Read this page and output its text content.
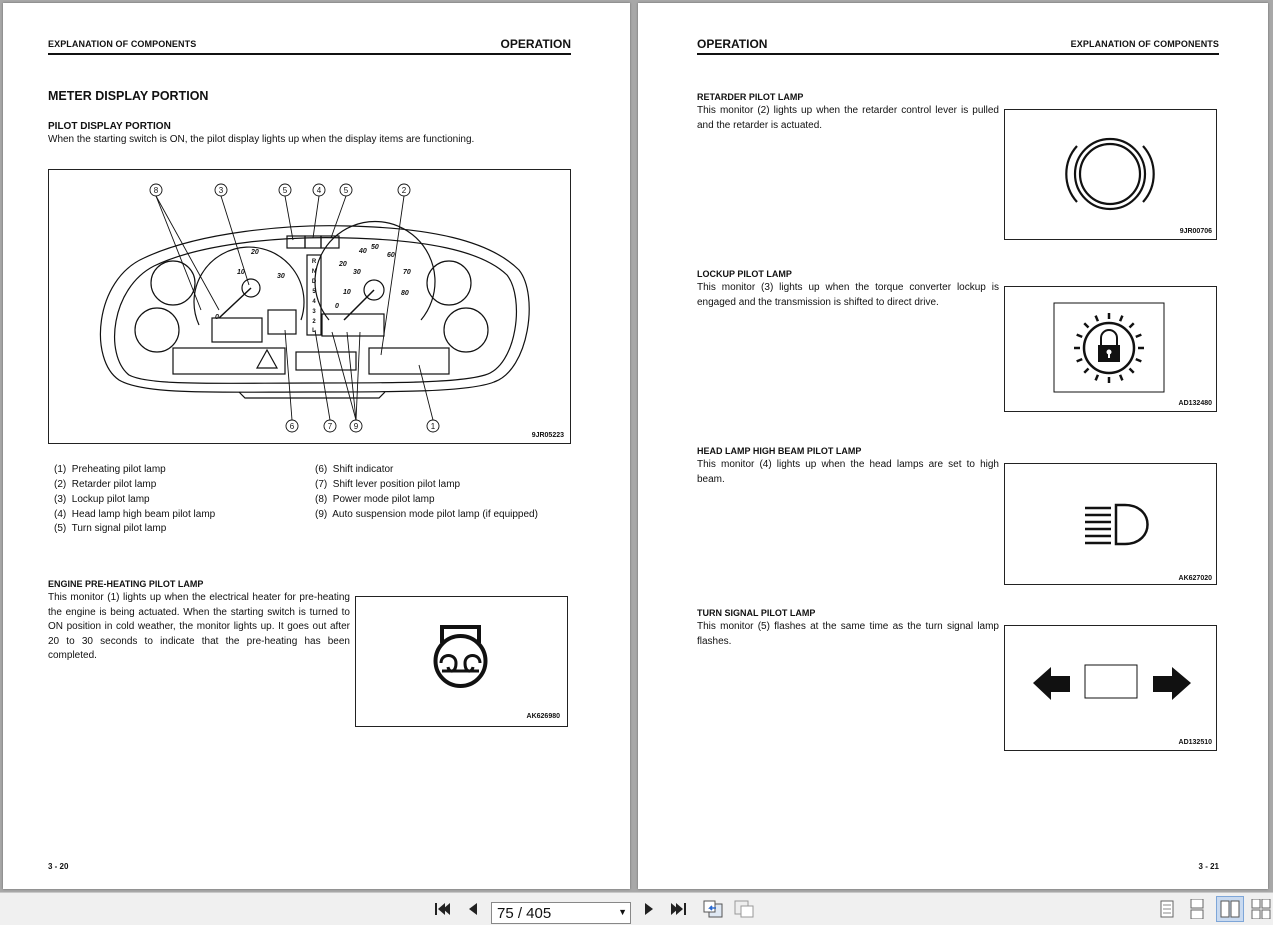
EXPLANATION OF COMPONENTS	OPERATION
METER DISPLAY PORTION
PILOT DISPLAY PORTION
When the starting switch is ON, the pilot display lights up when the display items are functioning.
R
N
D
5
4
3
2
L
40
50
60
20
30	70
10	80
0
10
20
30
0
8	3	5	4	5	2
6	7	9	1
9JR05223
(1) Preheating pilot lamp
(2) Retarder pilot lamp
(3) Lockup pilot lamp
(4) Head lamp high beam pilot lamp
(5) Turn signal pilot lamp
(6) Shift indicator
(7) Shift lever position pilot lamp
(8) Power mode pilot lamp
(9) Auto suspension mode pilot lamp (if equipped)
ENGINE PRE-HEATING PILOT LAMP
This monitor (1) lights up when the electrical heater for pre-heating the engine is being actuated. When the starting switch is turned to ON position in cold weather, the monitor lights up. It goes out after 20 to 30 seconds to indicate that the pre-heating has been completed.
AK626980
3 - 20
OPERATION	EXPLANATION OF COMPONENTS
RETARDER PILOT LAMP
This monitor (2) lights up when the retarder control lever is pulled and the retarder is actuated.
9JR00706
LOCKUP PILOT LAMP
This monitor (3) lights up when the torque converter lockup is engaged and the transmission is shifted to direct drive.
AD132480
HEAD LAMP HIGH BEAM PILOT LAMP
This monitor (4) lights up when the head lamps are set to high beam.
AK627020
TURN SIGNAL PILOT LAMP
This monitor (5) flashes at the same time as the turn signal lamp flashes.
AD132510
3 - 21
75 / 405	▼
